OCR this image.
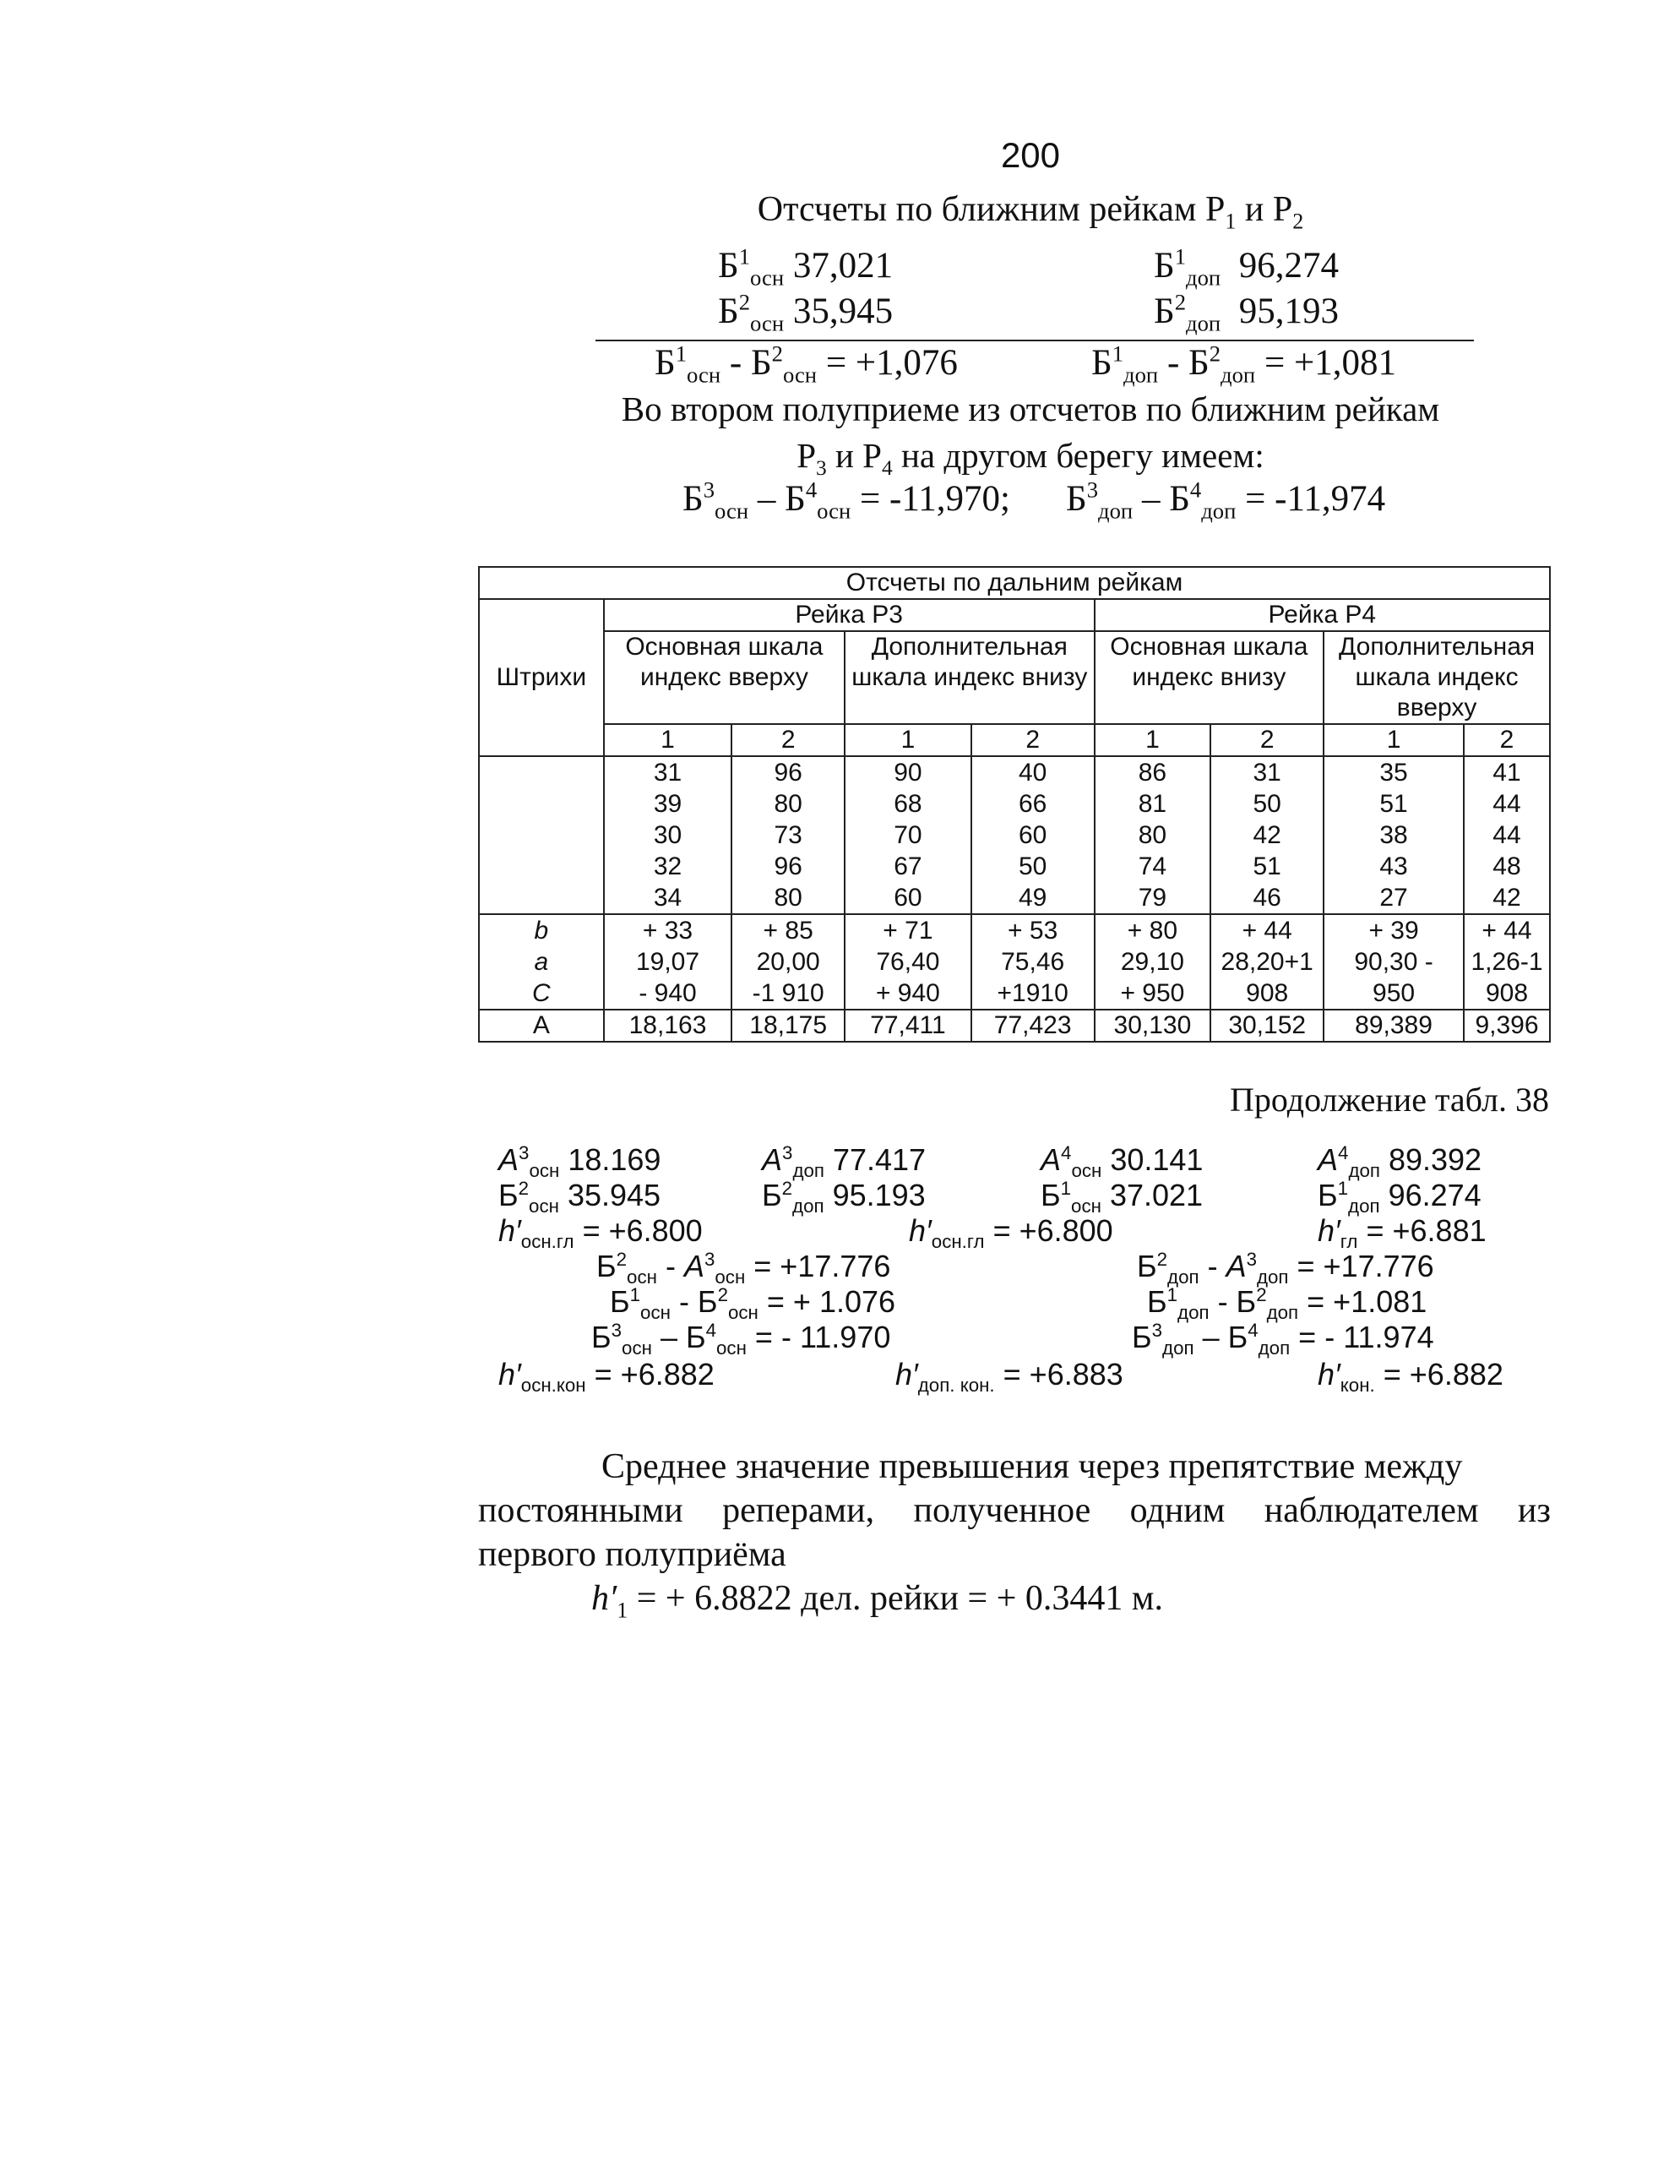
200
Отсчеты по ближним рейкам $Р_1$ и $Р_2$
$Б^1_{осн}$ 37,021	$Б^1_{доп}$ 96,274
$Б^2_{осн}$ 35,945	$Б^2_{доп}$ 95,193
$Б^1_{осн} - Б^2_{осн} = +1,076$	$Б^1_{доп} - Б^2_{доп} = +1,081$
Во втором полуприеме из отсчетов по ближним рейкам
$Р_3$ и $Р_4$ на другом берегу имеем:
$Б^3_{осн} - Б^4_{осн} = -11,970$; $Б^3_{доп} - Б^4_{доп} = -11,974$
Отсчеты по дальним рейкам								
	Рейка Р3				Рейка Р4			
Штрихи	Основная шкала индекс вверху		Дополнительная шкала индекс внизу		Основная шкала индекс внизу		Дополнительная шкала индекс вверху	
	1	2	1	2	1	2	1	2
	31	96	90	40	86	31	35	41
	39	80	68	66	81	50	51	44
	30	73	70	60	80	42	38	44
	32	96	67	50	74	51	43	48
	34	80	60	49	79	46	27	42
b	+ 33	+ 85	+ 71	+ 53	+ 80	+ 44	+ 39	+ 44
a	19,07	20,00	76,40	75,46	29,10	28,20+1	90,30 -	1,26-1
C	- 940	-1 910	+ 940	+1910	+ 950	908	950	908
A	18,163	18,175	77,411	77,423	30,130	30,152	89,389	9,396
Продолжение табл. 38
$A^3_{осн}$ 18.169	$A^3_{доп}$ 77.417	$A^4_{осн}$ 30.141	$A^4_{доп}$ 89.392
$Б^2_{осн}$ 35.945	$Б^2_{доп}$ 95.193	$Б^1_{осн}$ 37.021	$Б^1_{доп}$ 96.274
$h'_{осн.гл} = +6.800$	$h'_{осн.гл} = +6.800$	$h'_{гл} = +6.881$
$Б^2_{осн} - A^3_{осн} = +17.776$	$Б^2_{доп} - A^3_{доп} = +17.776$
$Б^1_{осн} - Б^2_{осн}$ = + 1.076	$Б^1_{доп} - Б^2_{доп} = +1.081$
$Б^3_{осн} - Б^4_{осн}$ = - 11.970	$Б^3_{доп} - Б^4_{доп}$ = - 11.974
$h'_{осн.кон} = +6.882$	$h'_{доп. кон.} = +6.883$	$h'_{кон.} = +6.882$
Среднее значение превышения через препятствие между
постоянными реперами, полученное одним наблюдателем из
первого полуприёма
$h'_1$ = + 6.8822 дел. рейки = + 0.3441 м.
